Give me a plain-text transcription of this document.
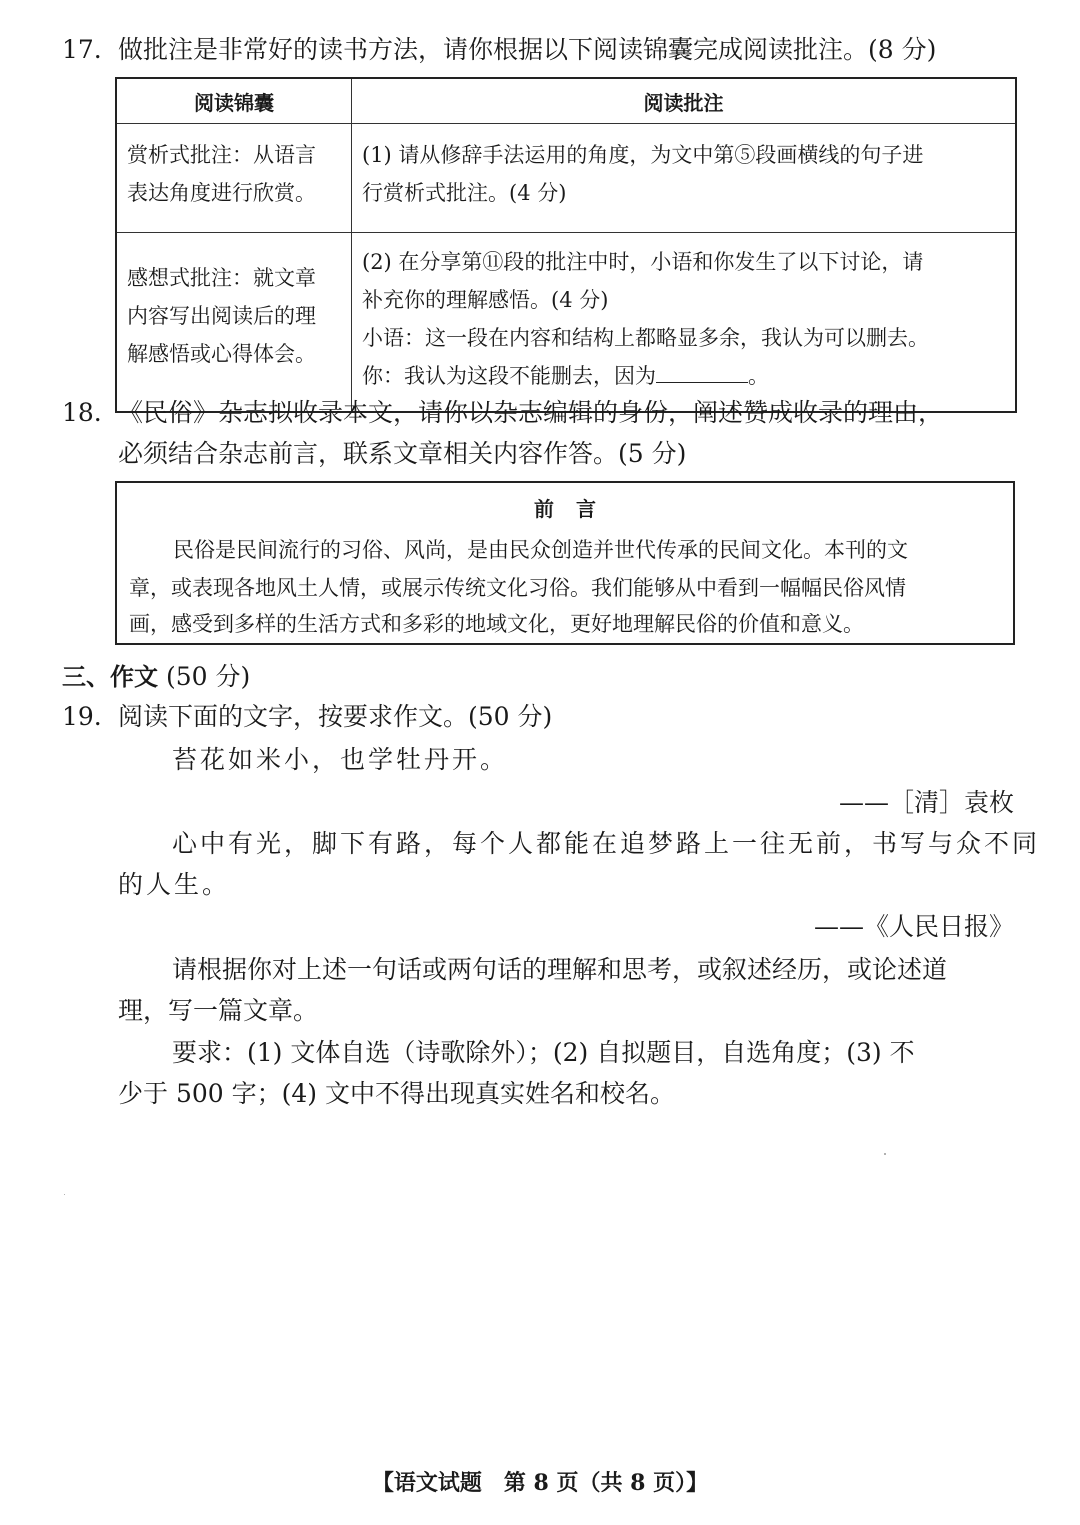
17. 做批注是非常好的读书方法，请你根据以下阅读锦囊完成阅读批注。(8 分)
阅读锦囊	阅读批注

赏析式批注：从语言
表达角度进行欣赏。	(1) 请从修辞手法运用的角度，为文中第⑤段画横线的句子进
行赏析式批注。(4 分)

感想式批注：就文章
内容写出阅读后的理
解感悟或心得体会。	(2) 在分享第⑪段的批注中时，小语和你发生了以下讨论，请
补充你的理解感悟。(4 分)
小语：这一段在内容和结构上都略显多余，我认为可以删去。
你：我认为这段不能删去，因为 。
18. 《民俗》杂志拟收录本文，请你以杂志编辑的身份，阐述赞成收录的理由，
必须结合杂志前言，联系文章相关内容作答。(5 分)
前言
民俗是民间流行的习俗、风尚，是由民众创造并世代传承的民间文化。本刊的文
章，或表现各地风土人情，或展示传统文化习俗。我们能够从中看到一幅幅民俗风情
画，感受到多样的生活方式和多彩的地域文化，更好地理解民俗的价值和意义。
三、作文 (50 分)
19. 阅读下面的文字，按要求作文。(50 分)
苔花如米小，也学牡丹开。
——［清］袁枚
心中有光，脚下有路，每个人都能在追梦路上一往无前，书写与众不同
的人生。
——《人民日报》
请根据你对上述一句话或两句话的理解和思考，或叙述经历，或论述道
理，写一篇文章。
要求：(1) 文体自选（诗歌除外）；(2) 自拟题目，自选角度；(3) 不
少于 500 字；(4) 文中不得出现真实姓名和校名。
【语文试题　第 8 页（共 8 页）】
